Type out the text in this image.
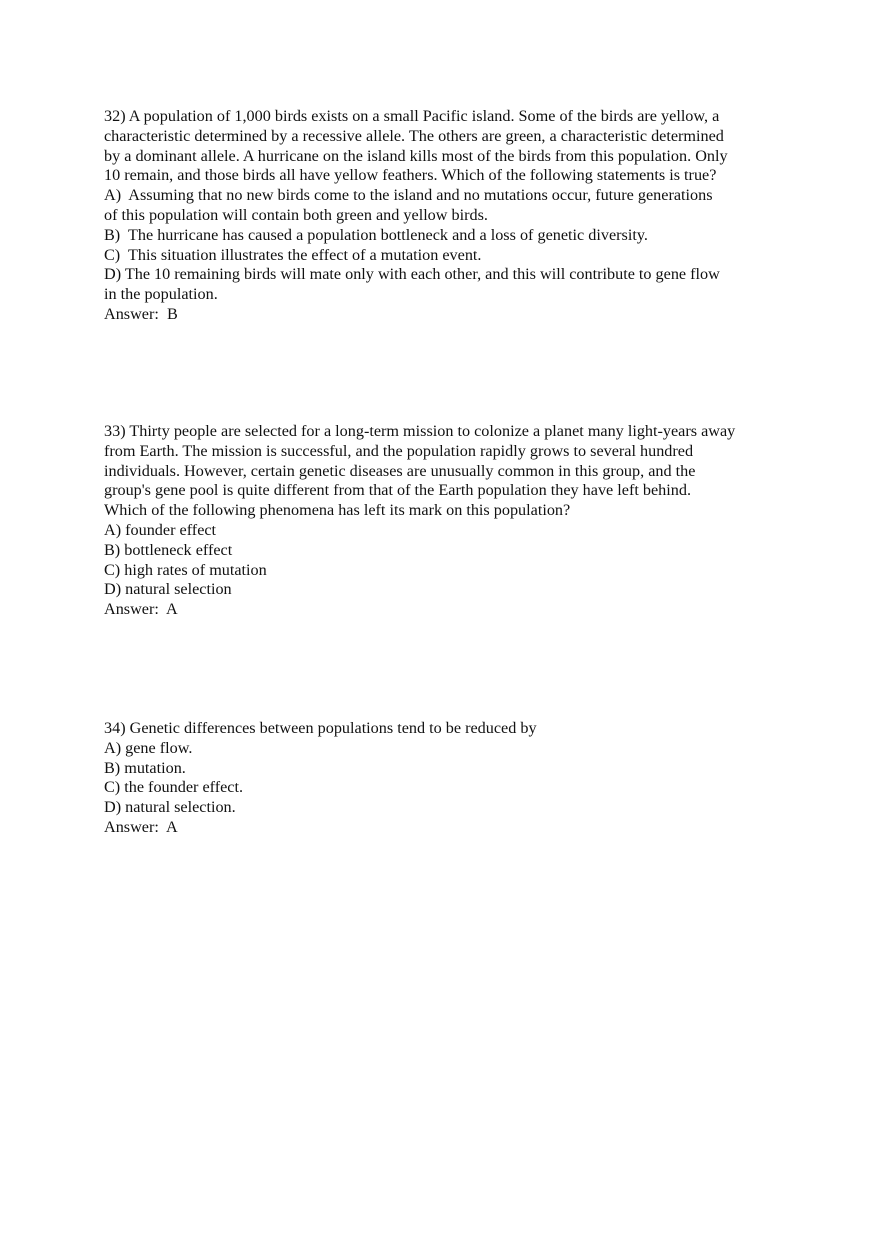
32) A population of 1,000 birds exists on a small Pacific island. Some of the birds are yellow, a
characteristic determined by a recessive allele. The others are green, a characteristic determined
by a dominant allele. A hurricane on the island kills most of the birds from this population. Only
10 remain, and those birds all have yellow feathers. Which of the following statements is true?
A)  Assuming that no new birds come to the island and no mutations occur, future generations
of this population will contain both green and yellow birds.
B)  The hurricane has caused a population bottleneck and a loss of genetic diversity.
C)  This situation illustrates the effect of a mutation event.
D) The 10 remaining birds will mate only with each other, and this will contribute to gene flow
in the population.
Answer:  B
33) Thirty people are selected for a long-term mission to colonize a planet many light-years away
from Earth. The mission is successful, and the population rapidly grows to several hundred
individuals. However, certain genetic diseases are unusually common in this group, and the
group's gene pool is quite different from that of the Earth population they have left behind.
Which of the following phenomena has left its mark on this population?
A) founder effect
B) bottleneck effect
C) high rates of mutation
D) natural selection
Answer:  A
34) Genetic differences between populations tend to be reduced by
A) gene flow.
B) mutation.
C) the founder effect.
D) natural selection.
Answer:  A
